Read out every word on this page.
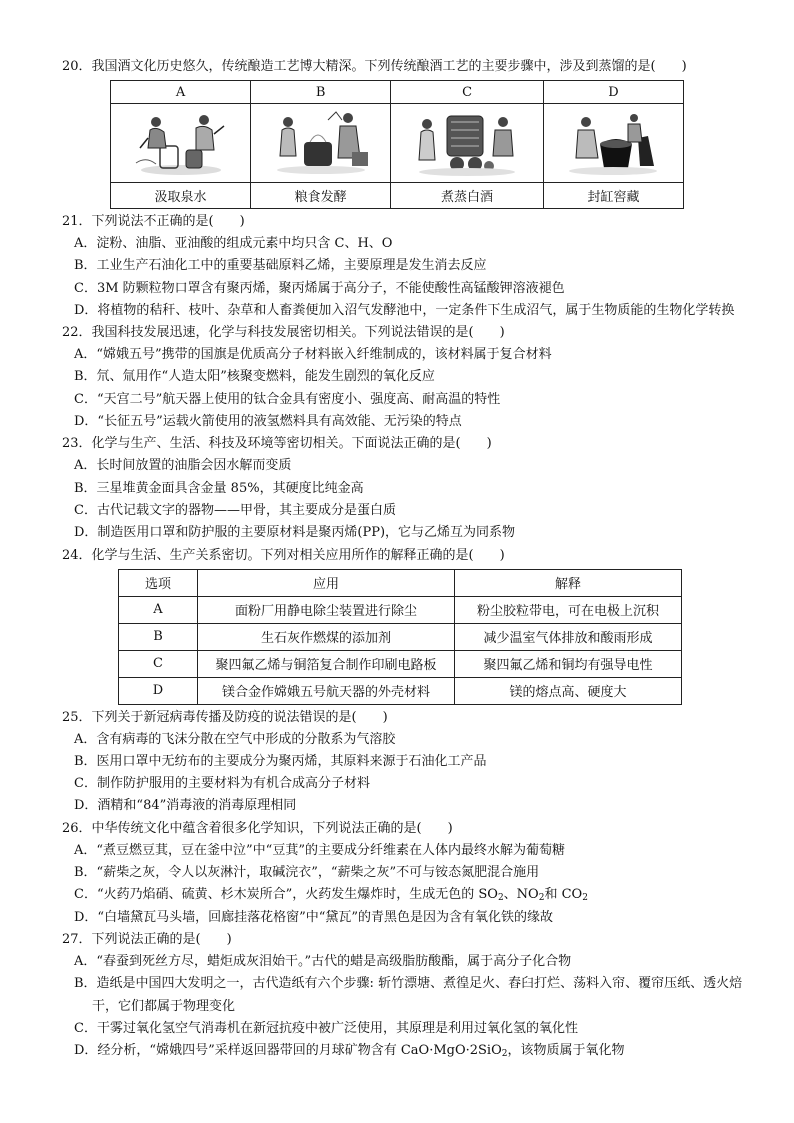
20．我国酒文化历史悠久，传统酿造工艺博大精深。下列传统酿酒工艺的主要步骤中，涉及到蒸馏的是(　　)
A	B	C	D

汲取泉水	粮食发酵	煮蒸白酒	封缸窖藏
21．下列说法不正确的是(　　)
A．淀粉、油脂、亚油酸的组成元素中均只含 C、H、O
B．工业生产石油化工中的重要基础原料乙烯，主要原理是发生消去反应
C．3M 防颗粒物口罩含有聚丙烯，聚丙烯属于高分子，不能使酸性高锰酸钾溶液褪色
D．将植物的秸秆、枝叶、杂草和人畜粪便加入沼气发酵池中，一定条件下生成沼气，属于生物质能的生物化学转换
22．我国科技发展迅速，化学与科技发展密切相关。下列说法错误的是(　　)
A．“嫦娥五号”携带的国旗是优质高分子材料嵌入纤维制成的，该材料属于复合材料
B．氘、氚用作“人造太阳”核聚变燃料，能发生剧烈的氧化反应
C．“天宫二号”航天器上使用的钛合金具有密度小、强度高、耐高温的特性
D．“长征五号”运载火箭使用的液氢燃料具有高效能、无污染的特点
23．化学与生产、生活、科技及环境等密切相关。下面说法正确的是(　　)
A．长时间放置的油脂会因水解而变质
B．三星堆黄金面具含金量 85%，其硬度比纯金高
C．古代记载文字的器物——甲骨，其主要成分是蛋白质
D．制造医用口罩和防护服的主要原材料是聚丙烯(PP)，它与乙烯互为同系物
24．化学与生活、生产关系密切。下列对相关应用所作的解释正确的是(　　)
选项	应用	解释
A	面粉厂用静电除尘装置进行除尘	粉尘胶粒带电，可在电极上沉积
B	生石灰作燃煤的添加剂	减少温室气体排放和酸雨形成
C	聚四氟乙烯与铜箔复合制作印刷电路板	聚四氟乙烯和铜均有强导电性
D	镁合金作嫦娥五号航天器的外壳材料	镁的熔点高、硬度大
25．下列关于新冠病毒传播及防疫的说法错误的是(　　)
A．含有病毒的飞沫分散在空气中形成的分散系为气溶胶
B．医用口罩中无纺布的主要成分为聚丙烯，其原料来源于石油化工产品
C．制作防护服用的主要材料为有机合成高分子材料
D．酒精和“84”消毒液的消毒原理相同
26．中华传统文化中蕴含着很多化学知识，下列说法正确的是(　　)
A．“煮豆燃豆萁，豆在釜中泣”中“豆萁”的主要成分纤维素在人体内最终水解为葡萄糖
B．“薪柴之灰，令人以灰淋汁，取碱浣衣”，“薪柴之灰”不可与铵态氮肥混合施用
C．“火药乃焰硝、硫黄、杉木炭所合”，火药发生爆炸时，生成无色的 $SO_2$、$NO_2$和 $CO_2$
D．“白墙黛瓦马头墙，回廊挂落花格窗”中“黛瓦”的青黑色是因为含有氧化铁的缘故
27．下列说法正确的是(　　)
A．“春蚕到死丝方尽，蜡炬成灰泪始干。”古代的蜡是高级脂肪酸酯，属于高分子化合物
B．造纸是中国四大发明之一，古代造纸有六个步骤: 斩竹漂塘、煮徨足火、舂臼打烂、荡料入帘、覆帘压纸、透火焙干，它们都属于物理变化
C．干雾过氧化氢空气消毒机在新冠抗疫中被广泛使用，其原理是利用过氧化氢的氧化性
D．经分析，“嫦娥四号”采样返回器带回的月球矿物含有 CaO·MgO·2SiO$_2$，该物质属于氧化物
